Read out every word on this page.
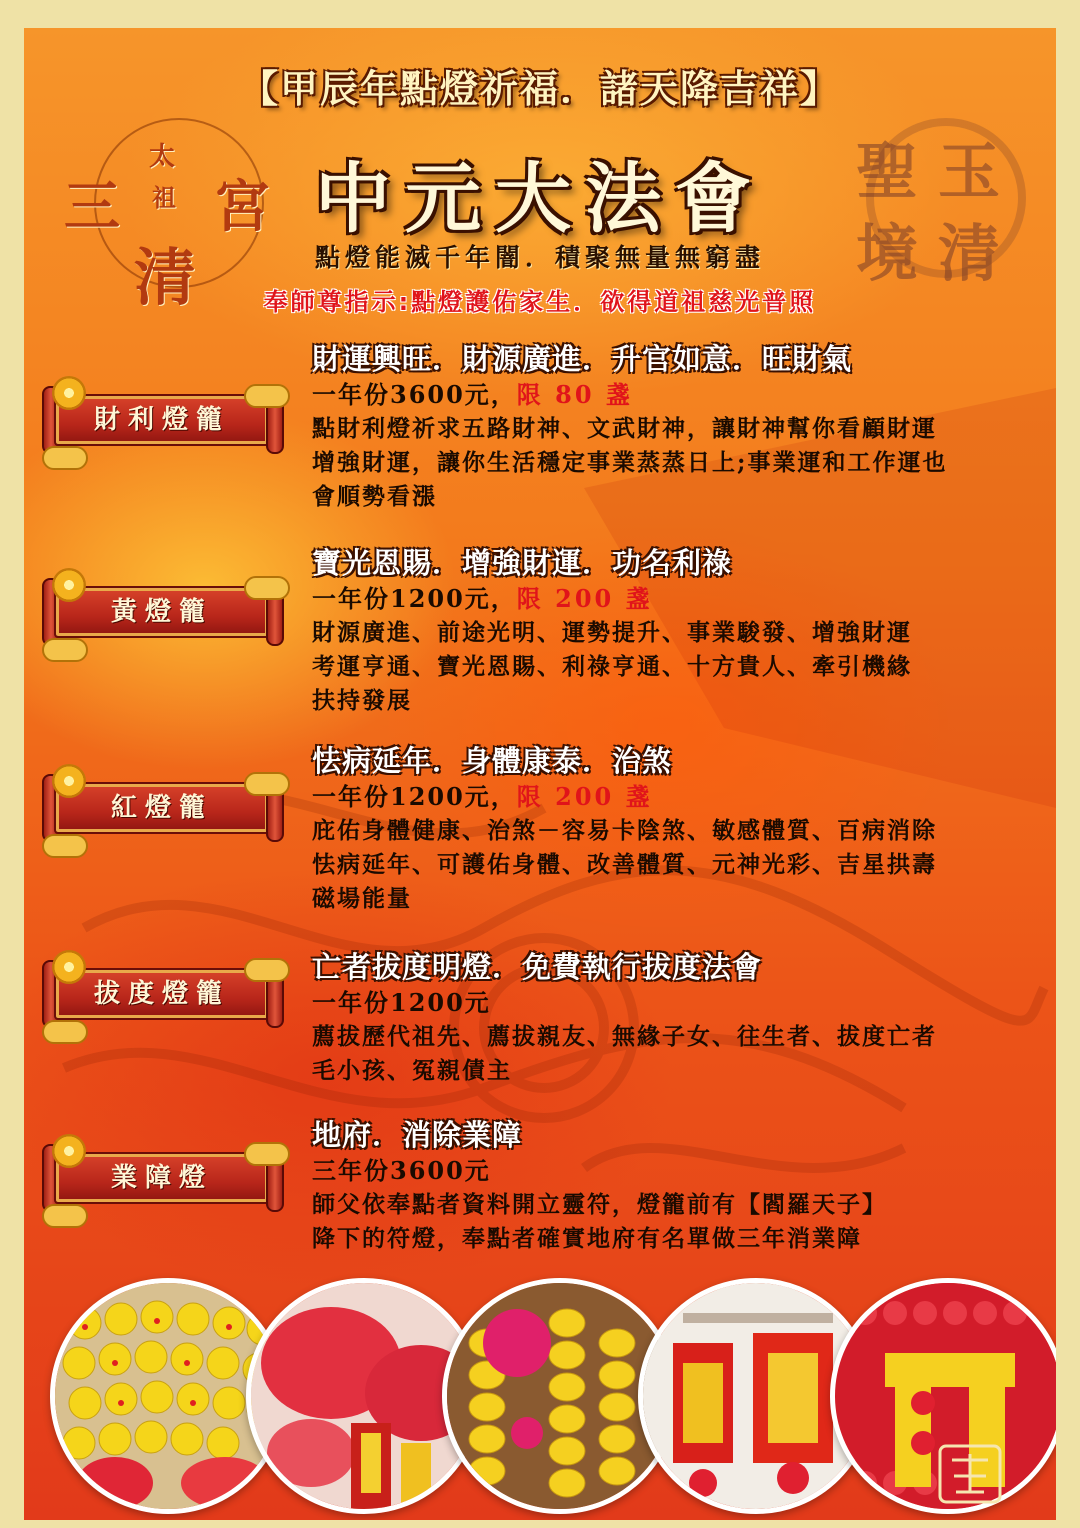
三
太
祖 宮
清
聖 玉
境 清
【甲辰年點燈祈福．諸天降吉祥】
中元大法會
點燈能滅千年闇．積聚無量無窮盡
奉師尊指示:點燈護佑家生．欲得道祖慈光普照
財利燈籠
財運興旺．財源廣進．升官如意．旺財氣
一年份3600元，限 80 盞
點財利燈祈求五路財神、文武財神，讓財神幫你看顧財運
增強財運，讓你生活穩定事業蒸蒸日上;事業運和工作運也
會順勢看漲
黃燈籠
寶光恩賜．增強財運．功名利祿
一年份1200元，限 200 盞
財源廣進、前途光明、運勢提升、事業駿發、增強財運
考運亨通、寶光恩賜、利祿亨通、十方貴人、牽引機緣
扶持發展
紅燈籠
怯病延年．身體康泰．治煞
一年份1200元，限 200 盞
庇佑身體健康、治煞－容易卡陰煞、敏感體質、百病消除
怯病延年、可護佑身體、改善體質、元神光彩、吉星拱壽
磁場能量
拔度燈籠
亡者拔度明燈．免費執行拔度法會
一年份1200元
薦拔歷代祖先、薦拔親友、無緣子女、往生者、拔度亡者
毛小孩、冤親債主
業障燈
地府．消除業障
三年份3600元
師父依奉點者資料開立靈符，燈籠前有【閻羅天子】
降下的符燈，奉點者確實地府有名單做三年消業障
